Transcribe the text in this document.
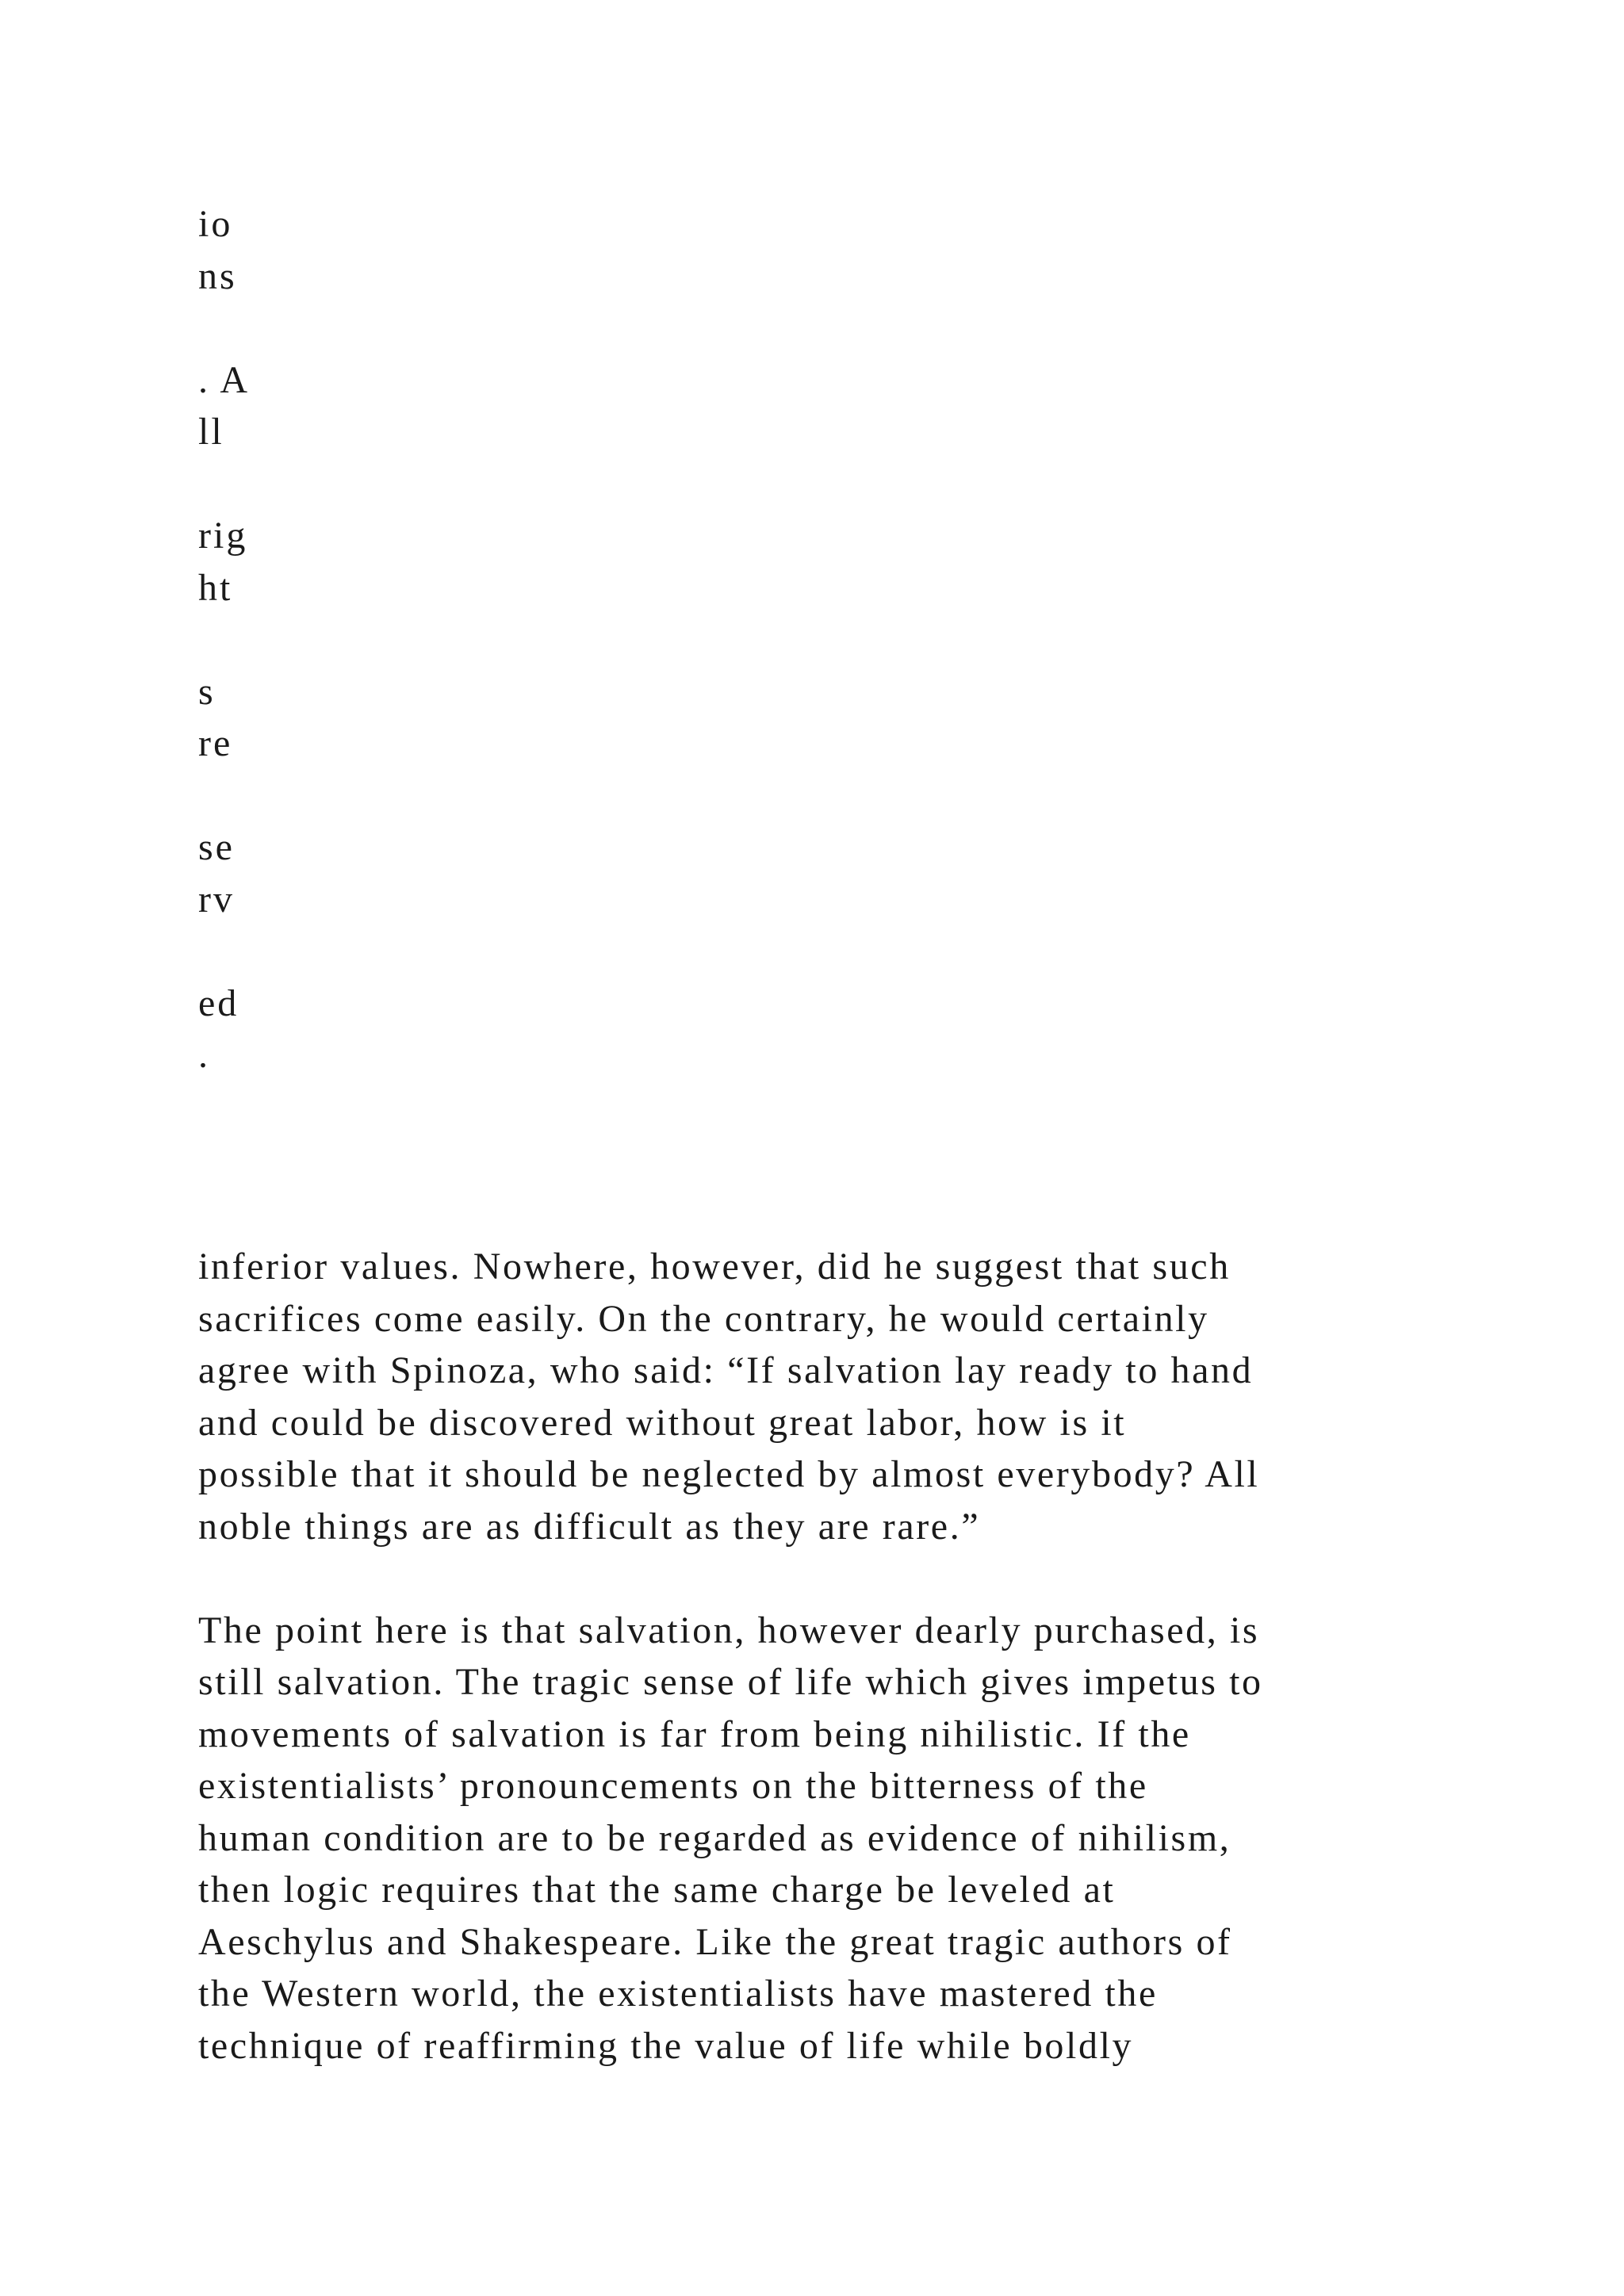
io
ns
. A
ll
rig
ht
s
re
se
rv
ed
.

inferior values. Nowhere, however, did he suggest that such
sacrifices come easily. On the contrary, he would certainly
agree with Spinoza, who said: “If salvation lay ready to hand
and could be discovered without great labor, how is it
possible that it should be neglected by almost everybody? All
noble things are as difficult as they are rare.”

The point here is that salvation, however dearly purchased, is
still salvation. The tragic sense of life which gives impetus to
movements of salvation is far from being nihilistic. If the
existentialists’ pronouncements on the bitterness of the
human condition are to be regarded as evidence of nihilism,
then logic requires that the same charge be leveled at
Aeschylus and Shakespeare. Like the great tragic authors of
the Western world, the existentialists have mastered the
technique of reaffirming the value of life while boldly
